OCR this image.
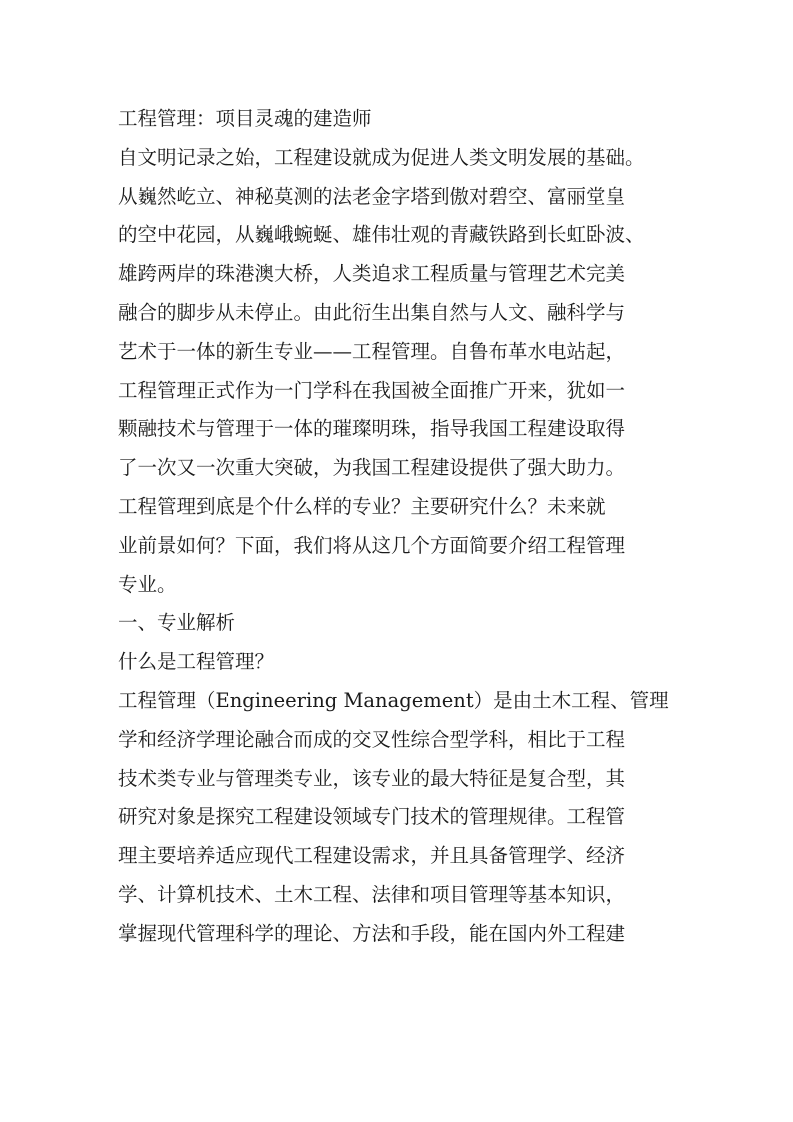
工程管理：项目灵魂的建造师
自文明记录之始，工程建设就成为促进人类文明发展的基础。
从巍然屹立、神秘莫测的法老金字塔到傲对碧空、富丽堂皇
的空中花园，从巍峨蜿蜒、雄伟壮观的青藏铁路到长虹卧波、
雄跨两岸的珠港澳大桥，人类追求工程质量与管理艺术完美
融合的脚步从未停止。由此衍生出集自然与人文、融科学与
艺术于一体的新生专业——工程管理。自鲁布革水电站起，
工程管理正式作为一门学科在我国被全面推广开来，犹如一
颗融技术与管理于一体的璀璨明珠，指导我国工程建设取得
了一次又一次重大突破，为我国工程建设提供了强大助力。
工程管理到底是个什么样的专业？主要研究什么？未来就
业前景如何？下面，我们将从这几个方面简要介绍工程管理
专业。
一、专业解析
什么是工程管理？
工程管理（Engineering Management）是由土木工程、管理
学和经济学理论融合而成的交叉性综合型学科，相比于工程
技术类专业与管理类专业，该专业的最大特征是复合型，其
研究对象是探究工程建设领域专门技术的管理规律。工程管
理主要培养适应现代工程建设需求，并且具备管理学、经济
学、计算机技术、土木工程、法律和项目管理等基本知识，
掌握现代管理科学的理论、方法和手段，能在国内外工程建
